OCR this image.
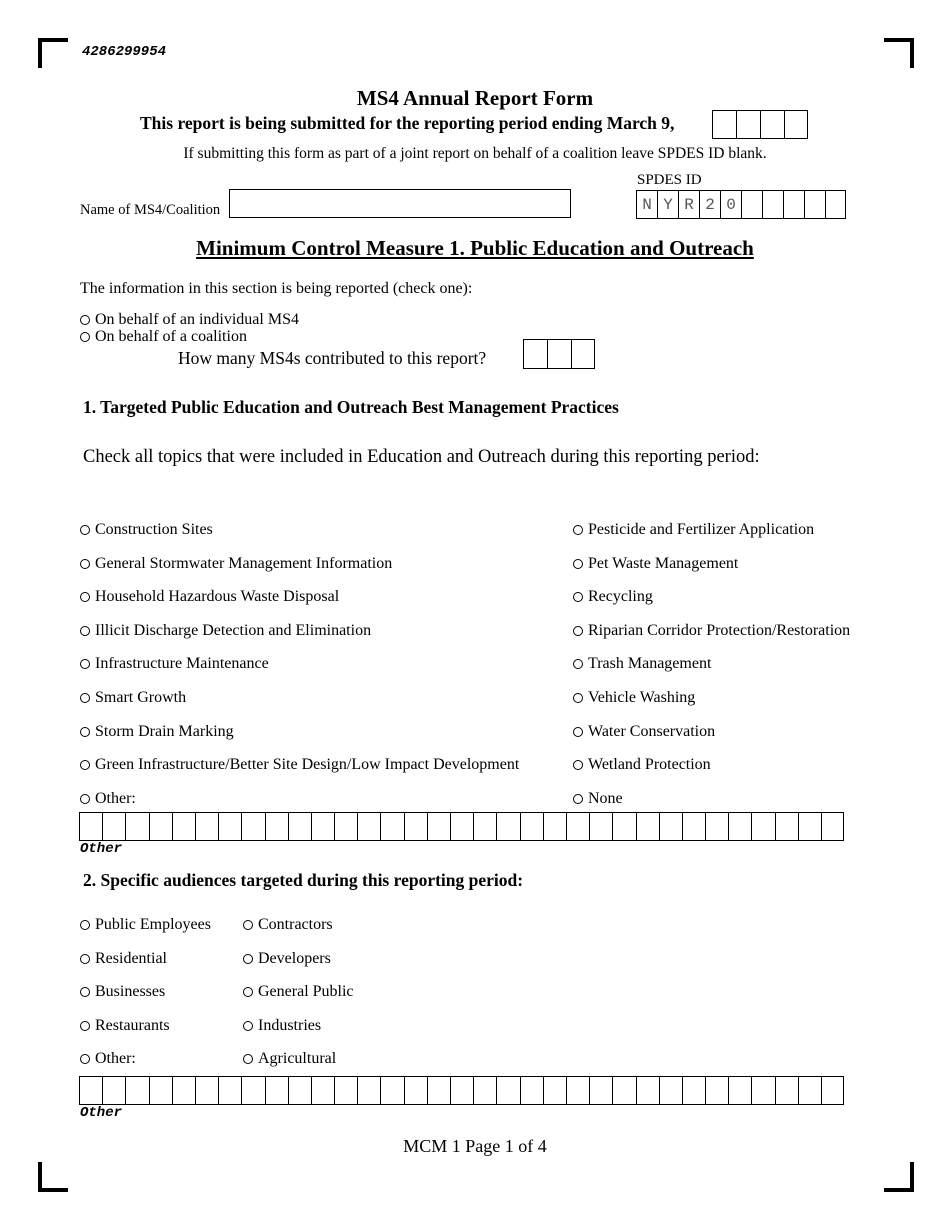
4286299954
MS4 Annual Report Form
This report is being submitted for the reporting period ending March 9,
If submitting this form as part of a joint report on behalf of a coalition leave SPDES ID blank.
SPDES ID
N Y R 2 0
Name of MS4/Coalition
Minimum Control Measure 1. Public Education and Outreach
The information in this section is being reported (check one):
On behalf of an individual MS4
On behalf of a coalition
How many MS4s contributed to this report?
1. Targeted Public Education and Outreach Best Management Practices
Check all topics that were included in Education and Outreach during this reporting period:
Construction Sites
General Stormwater Management Information
Household Hazardous Waste Disposal
Illicit Discharge Detection and Elimination
Infrastructure Maintenance
Smart Growth
Storm Drain Marking
Green Infrastructure/Better Site Design/Low Impact Development
Other:
Pesticide and Fertilizer Application
Pet Waste Management
Recycling
Riparian Corridor Protection/Restoration
Trash Management
Vehicle Washing
Water Conservation
Wetland Protection
None
Other
2. Specific audiences targeted during this reporting period:
Public Employees
Residential
Businesses
Restaurants
Other:
Contractors
Developers
General Public
Industries
Agricultural
Other
MCM 1 Page 1 of 4
